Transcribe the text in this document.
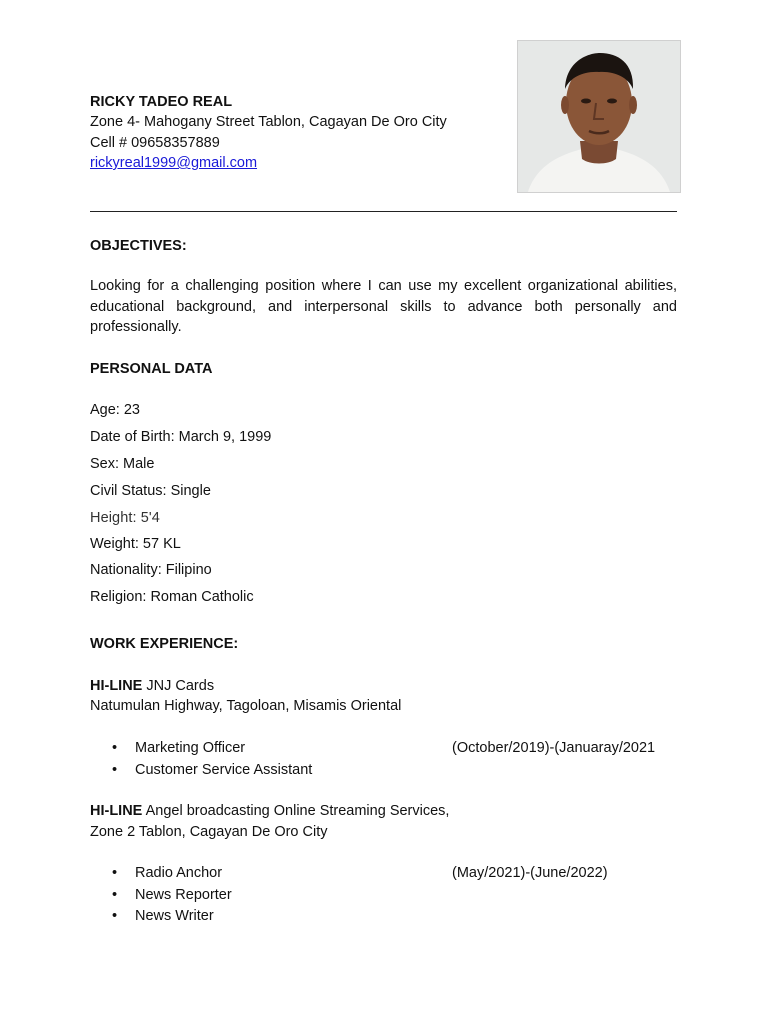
RICKY TADEO REAL
Zone 4- Mahogany Street Tablon, Cagayan De Oro City
Cell # 09658357889
rickyreal1999@gmail.com
OBJECTIVES:
Looking for a challenging position where I can use my excellent organizational abilities, educational background, and interpersonal skills to advance both personally and professionally.
PERSONAL DATA
Age: 23
Date of Birth: March 9, 1999
Sex: Male
Civil Status: Single
Height: 5'4
Weight: 57 KL
Nationality: Filipino
Religion: Roman Catholic
WORK EXPERIENCE:
HI-LINE JNJ Cards
Natumulan Highway, Tagoloan, Misamis Oriental
• Marketing Officer	(October/2019)-(Januaray/2021
• Customer Service Assistant
HI-LINE Angel broadcasting Online Streaming Services,
Zone 2 Tablon, Cagayan De Oro City
• Radio Anchor	(May/2021)-(June/2022)
• News Reporter
• News Writer
